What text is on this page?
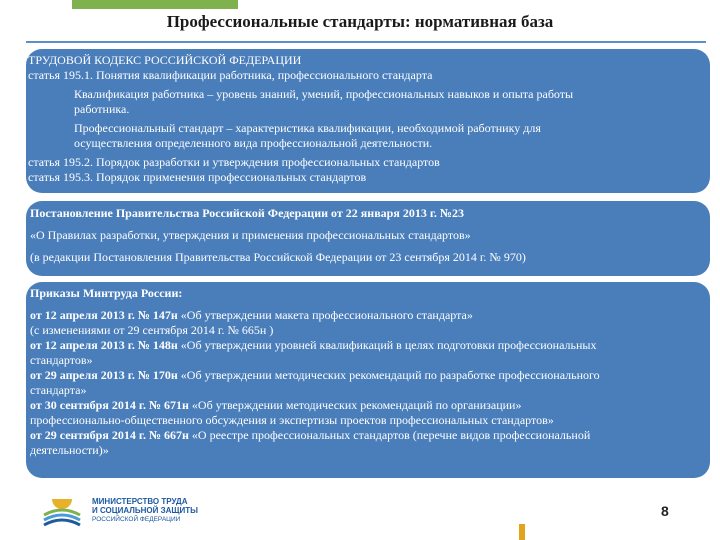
Профессиональные стандарты: нормативная база
ТРУДОВОЙ КОДЕКС РОССИЙСКОЙ ФЕДЕРАЦИИ
статья 195.1. Понятия квалификации работника, профессионального стандарта
Квалификация работника – уровень знаний, умений, профессиональных навыков и опыта работы
работника.
Профессиональный стандарт – характеристика квалификации, необходимой работнику для
осуществления определенного вида профессиональной деятельности.
статья 195.2. Порядок разработки и утверждения профессиональных стандартов
статья 195.3. Порядок применения профессиональных стандартов
Постановление Правительства Российской Федерации от 22 января 2013 г. №23
«О Правилах разработки, утверждения и применения профессиональных стандартов»
(в редакции Постановления Правительства Российской Федерации от 23 сентября 2014 г. № 970)
Приказы Минтруда России:
от 12 апреля 2013 г. № 147н «Об утверждении макета профессионального стандарта»
(с изменениями от 29 сентября 2014 г. № 665н )
от 12 апреля 2013 г. № 148н «Об утверждении уровней квалификаций в целях подготовки профессиональных
стандартов»
от 29 апреля 2013 г. № 170н «Об утверждении методических рекомендаций по разработке профессионального
стандарта»
от 30 сентября 2014 г. № 671н «Об утверждении методических рекомендаций по организации»
профессионально-общественного обсуждения и экспертизы проектов профессиональных стандартов»
от 29 сентября 2014 г. № 667н «О реестре профессиональных стандартов (перечне видов профессиональной
деятельности)»
МИНИСТЕРСТВО ТРУДА
И СОЦИАЛЬНОЙ ЗАЩИТЫ
РОССИЙСКОЙ ФЕДЕРАЦИИ
8
